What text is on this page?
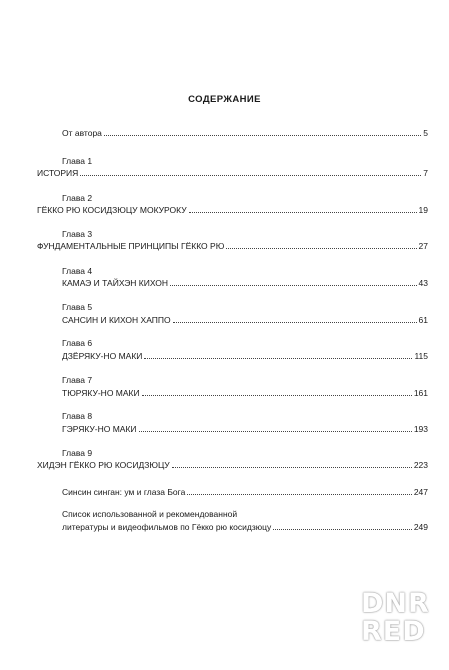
СОДЕРЖАНИЕ
От автора	5
Глава 1
ИСТОРИЯ	7
Глава 2
ГЁККО РЮ КОСИДЗЮЦУ МОКУРОКУ	19
Глава 3
ФУНДАМЕНТАЛЬНЫЕ ПРИНЦИПЫ ГЁККО РЮ	27
Глава 4
КАМАЭ И ТАЙХЭН КИХОН	43
Глава 5
САНСИН И КИХОН ХАППО	61
Глава 6
ДЗЁРЯКУ-НО МАКИ	115
Глава 7
ТЮРЯКУ-НО МАКИ	161
Глава 8
ГЭРЯКУ-НО МАКИ	193
Глава 9
ХИДЭН ГЁККО РЮ КОСИДЗЮЦУ	223
Синсин синган: ум и глаза Бога	247
Список использованной и рекомендованной
литературы и видеофильмов по Гёкко рю косидзюцу	249
DNR
RED
